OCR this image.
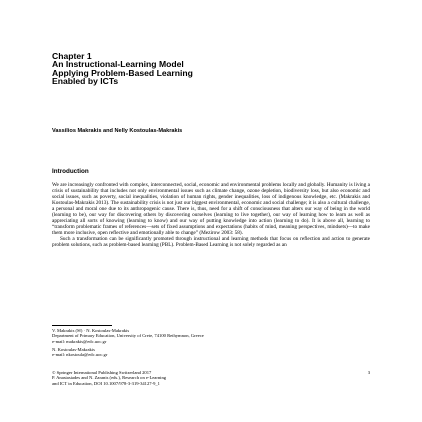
Chapter 1
An Instructional-Learning Model
Applying Problem-Based Learning
Enabled by ICTs
Vassilios Makrakis and Nelly Kostoulas-Makrakis
Introduction

We are increasingly confronted with complex, interconnected, social, economic and environmental problems locally and globally. Humanity is living a crisis of sustainability that includes not only environmental issues such as climate change, ozone depletion, biodiversity loss, but also economic and social issues, such as poverty, social inequalities, violation of human rights, gender inequalities, loss of indigenous knowledge, etc. (Makrakis and Kostoulas-Makrakis 2013). The sustainability crisis is not just our biggest environmental, economic and social challenge; it is also a cultural challenge, a personal and moral one due to its anthropogenic cause. There is, thus, need for a shift of consciousness that alters our way of being in the world (learning to be), our way for discovering others by discovering ourselves (learning to live together), our way of learning how to learn as well as appreciating all sorts of knowing (learning to know) and our way of putting knowledge into action (learning to do). It is above all, learning to “transform problematic frames of references—sets of fixed assumptions and expectations (habits of mind, meaning perspectives, mindsets)—to make them more inclusive, open reflective and emotionally able to change” (Mezirow 2003: 58).

Such a transformation can be significantly promoted through instructional and learning methods that focus on reflection and action to generate problem solutions, such as problem-based learning (PBL). Problem-Based Learning is not solely regarded as an

V. Makrakis (✉) · N. Kostoulas-Makrakis
Department of Primary Education, University of Crete, 74100 Rethymnon, Greece
e-mail: makrakis@edc.uoc.gr
N. Kostoulas-Makrakis
e-mail: nkostoula@edc.uoc.gr
© Springer International Publishing Switzerland 2017	3
P. Anastasiades and N. Zaranis (eds.), Research on e-Learning
and ICT in Education, DOI 10.1007/978-3-319-34127-9_1
